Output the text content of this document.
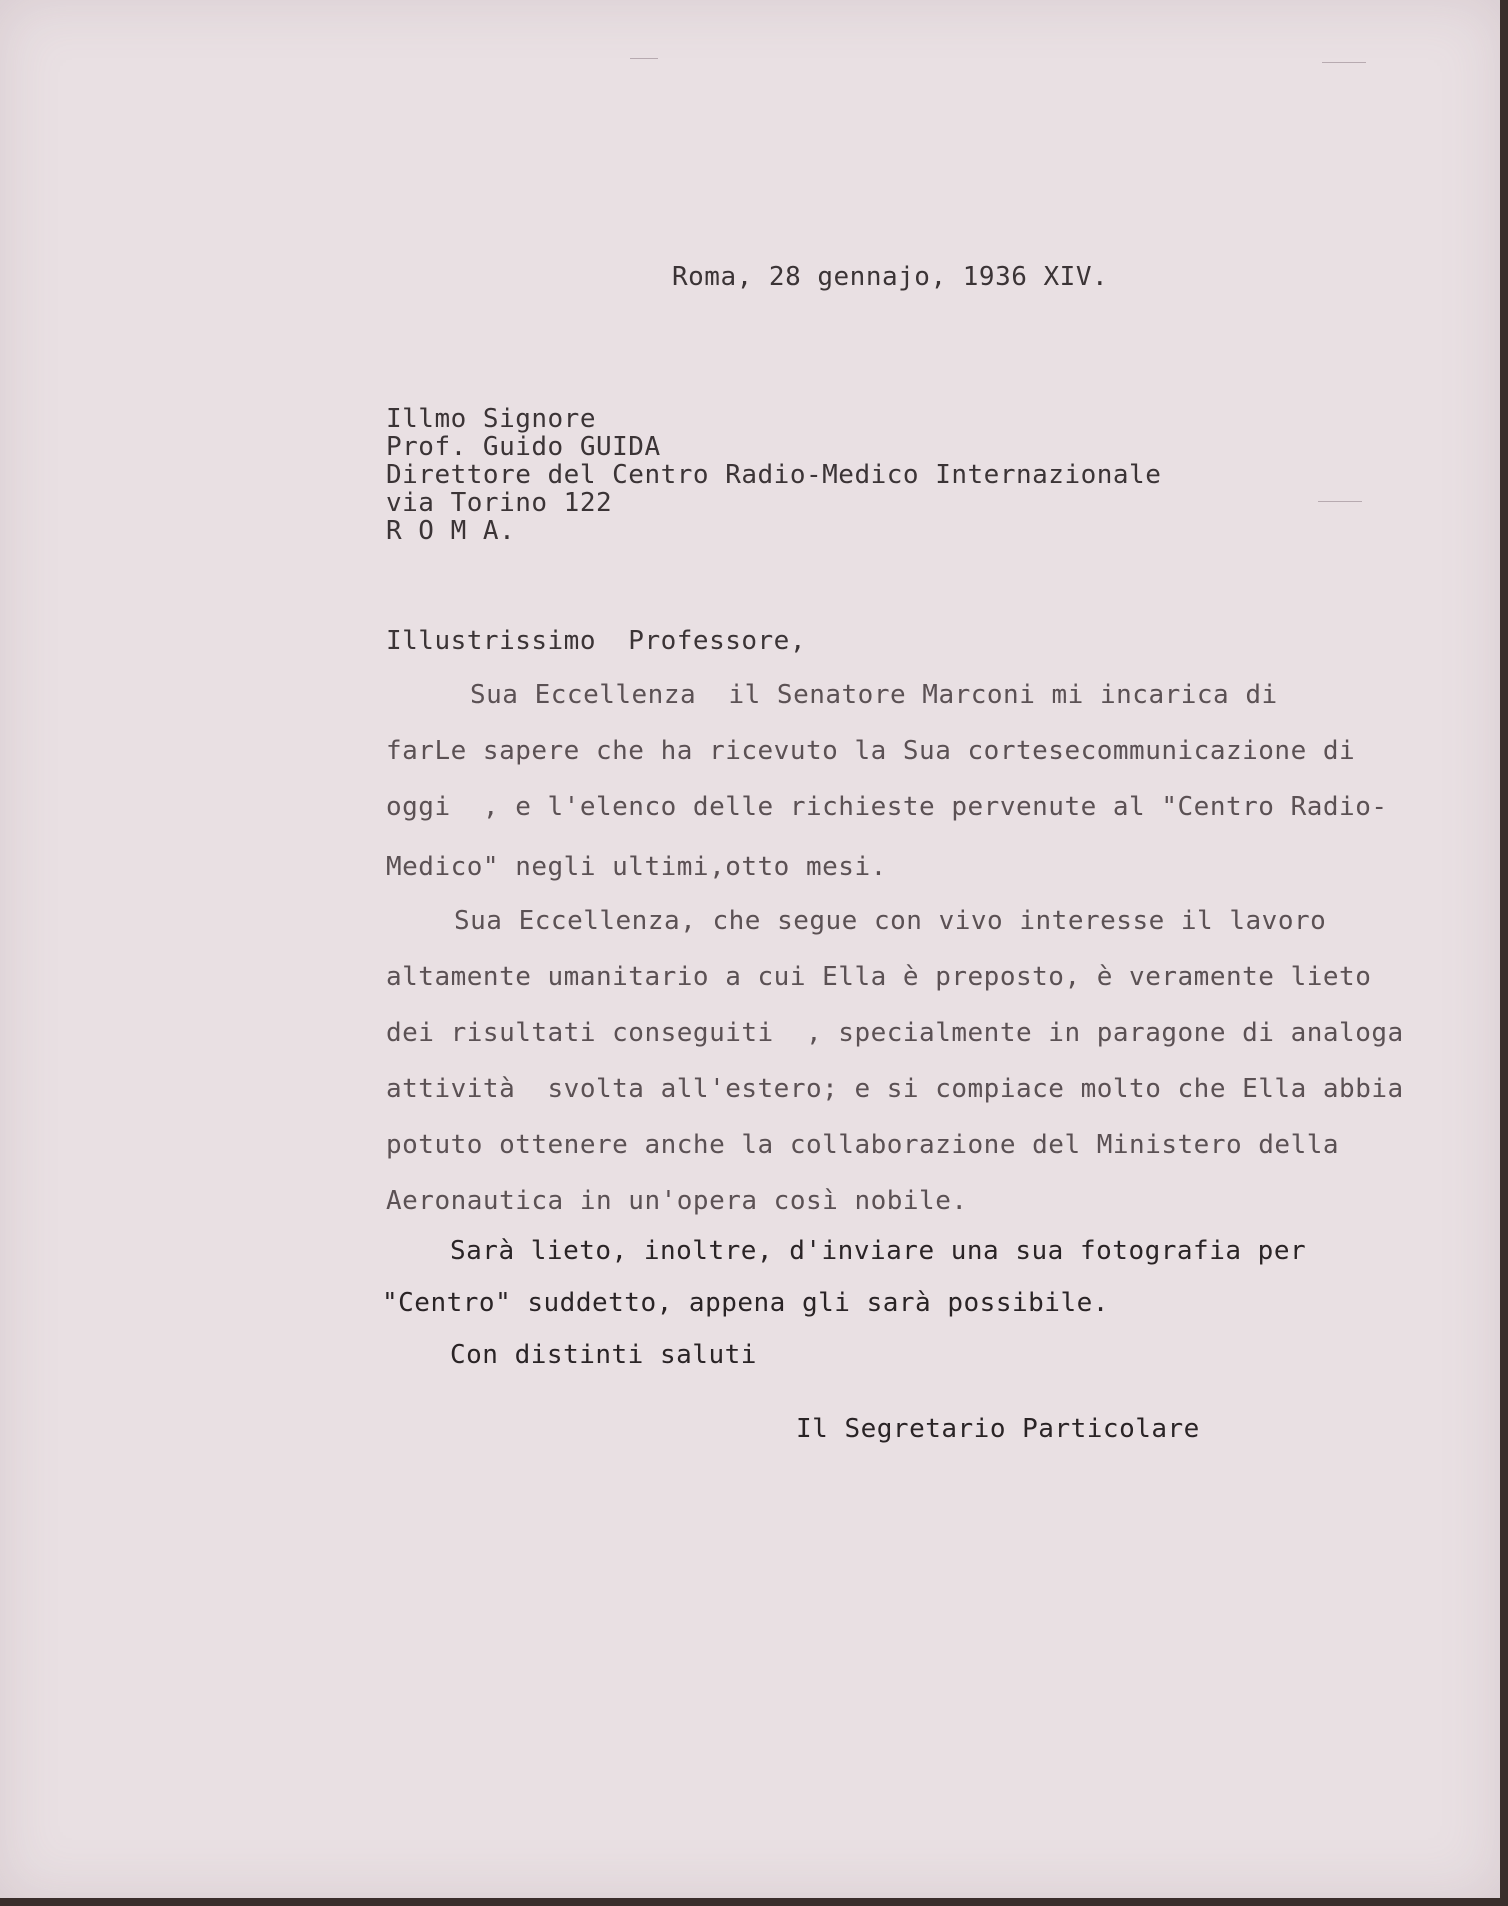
Roma, 28 gennajo, 1936 XIV.
Illmo Signore
Prof. Guido GUIDA
Direttore del Centro Radio-Medico Internazionale
via Torino 122
R O M A.
Illustrissimo  Professore,
Sua Eccellenza  il Senatore Marconi mi incarica di
farLe sapere che ha ricevuto la Sua cortesecommunicazione di
oggi  , e l'elenco delle richieste pervenute al "Centro Radio-
Medico" negli ultimi,otto mesi.
Sua Eccellenza, che segue con vivo interesse il lavoro
altamente umanitario a cui Ella è preposto, è veramente lieto
dei risultati conseguiti  , specialmente in paragone di analoga
attività  svolta all'estero; e si compiace molto che Ella abbia
potuto ottenere anche la collaborazione del Ministero della
Aeronautica in un'opera così nobile.
Sarà lieto, inoltre, d'inviare una sua fotografia per
"Centro" suddetto, appena gli sarà possibile.
Con distinti saluti
Il Segretario Particolare
